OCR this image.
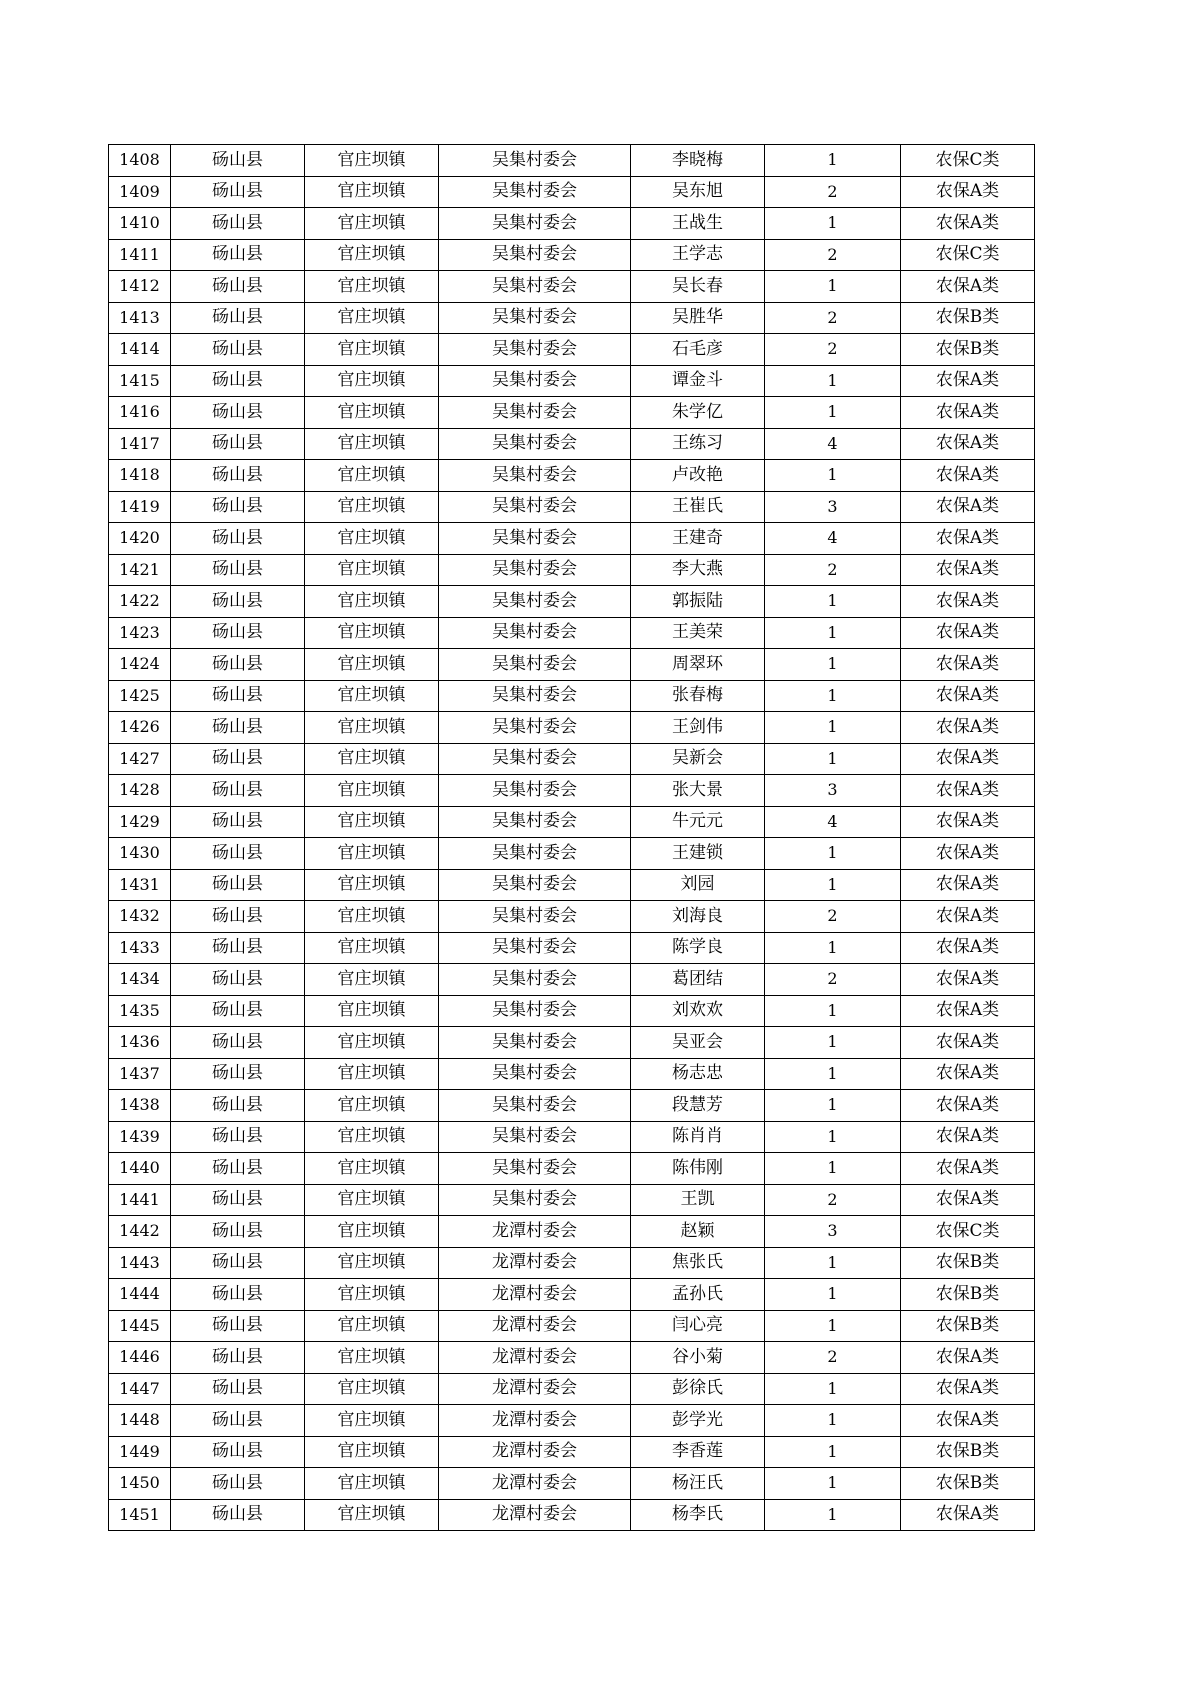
1408	砀山县	官庄坝镇	吴集村委会	李晓梅	1	农保C类
1409	砀山县	官庄坝镇	吴集村委会	吴东旭	2	农保A类
1410	砀山县	官庄坝镇	吴集村委会	王战生	1	农保A类
1411	砀山县	官庄坝镇	吴集村委会	王学志	2	农保C类
1412	砀山县	官庄坝镇	吴集村委会	吴长春	1	农保A类
1413	砀山县	官庄坝镇	吴集村委会	吴胜华	2	农保B类
1414	砀山县	官庄坝镇	吴集村委会	石毛彦	2	农保B类
1415	砀山县	官庄坝镇	吴集村委会	谭金斗	1	农保A类
1416	砀山县	官庄坝镇	吴集村委会	朱学亿	1	农保A类
1417	砀山县	官庄坝镇	吴集村委会	王练习	4	农保A类
1418	砀山县	官庄坝镇	吴集村委会	卢改艳	1	农保A类
1419	砀山县	官庄坝镇	吴集村委会	王崔氏	3	农保A类
1420	砀山县	官庄坝镇	吴集村委会	王建奇	4	农保A类
1421	砀山县	官庄坝镇	吴集村委会	李大燕	2	农保A类
1422	砀山县	官庄坝镇	吴集村委会	郭振陆	1	农保A类
1423	砀山县	官庄坝镇	吴集村委会	王美荣	1	农保A类
1424	砀山县	官庄坝镇	吴集村委会	周翠环	1	农保A类
1425	砀山县	官庄坝镇	吴集村委会	张春梅	1	农保A类
1426	砀山县	官庄坝镇	吴集村委会	王剑伟	1	农保A类
1427	砀山县	官庄坝镇	吴集村委会	吴新会	1	农保A类
1428	砀山县	官庄坝镇	吴集村委会	张大景	3	农保A类
1429	砀山县	官庄坝镇	吴集村委会	牛元元	4	农保A类
1430	砀山县	官庄坝镇	吴集村委会	王建锁	1	农保A类
1431	砀山县	官庄坝镇	吴集村委会	刘园	1	农保A类
1432	砀山县	官庄坝镇	吴集村委会	刘海良	2	农保A类
1433	砀山县	官庄坝镇	吴集村委会	陈学良	1	农保A类
1434	砀山县	官庄坝镇	吴集村委会	葛团结	2	农保A类
1435	砀山县	官庄坝镇	吴集村委会	刘欢欢	1	农保A类
1436	砀山县	官庄坝镇	吴集村委会	吴亚会	1	农保A类
1437	砀山县	官庄坝镇	吴集村委会	杨志忠	1	农保A类
1438	砀山县	官庄坝镇	吴集村委会	段慧芳	1	农保A类
1439	砀山县	官庄坝镇	吴集村委会	陈肖肖	1	农保A类
1440	砀山县	官庄坝镇	吴集村委会	陈伟刚	1	农保A类
1441	砀山县	官庄坝镇	吴集村委会	王凯	2	农保A类
1442	砀山县	官庄坝镇	龙潭村委会	赵颖	3	农保C类
1443	砀山县	官庄坝镇	龙潭村委会	焦张氏	1	农保B类
1444	砀山县	官庄坝镇	龙潭村委会	孟孙氏	1	农保B类
1445	砀山县	官庄坝镇	龙潭村委会	闫心亮	1	农保B类
1446	砀山县	官庄坝镇	龙潭村委会	谷小菊	2	农保A类
1447	砀山县	官庄坝镇	龙潭村委会	彭徐氏	1	农保A类
1448	砀山县	官庄坝镇	龙潭村委会	彭学光	1	农保A类
1449	砀山县	官庄坝镇	龙潭村委会	李香莲	1	农保B类
1450	砀山县	官庄坝镇	龙潭村委会	杨汪氏	1	农保B类
1451	砀山县	官庄坝镇	龙潭村委会	杨李氏	1	农保A类
